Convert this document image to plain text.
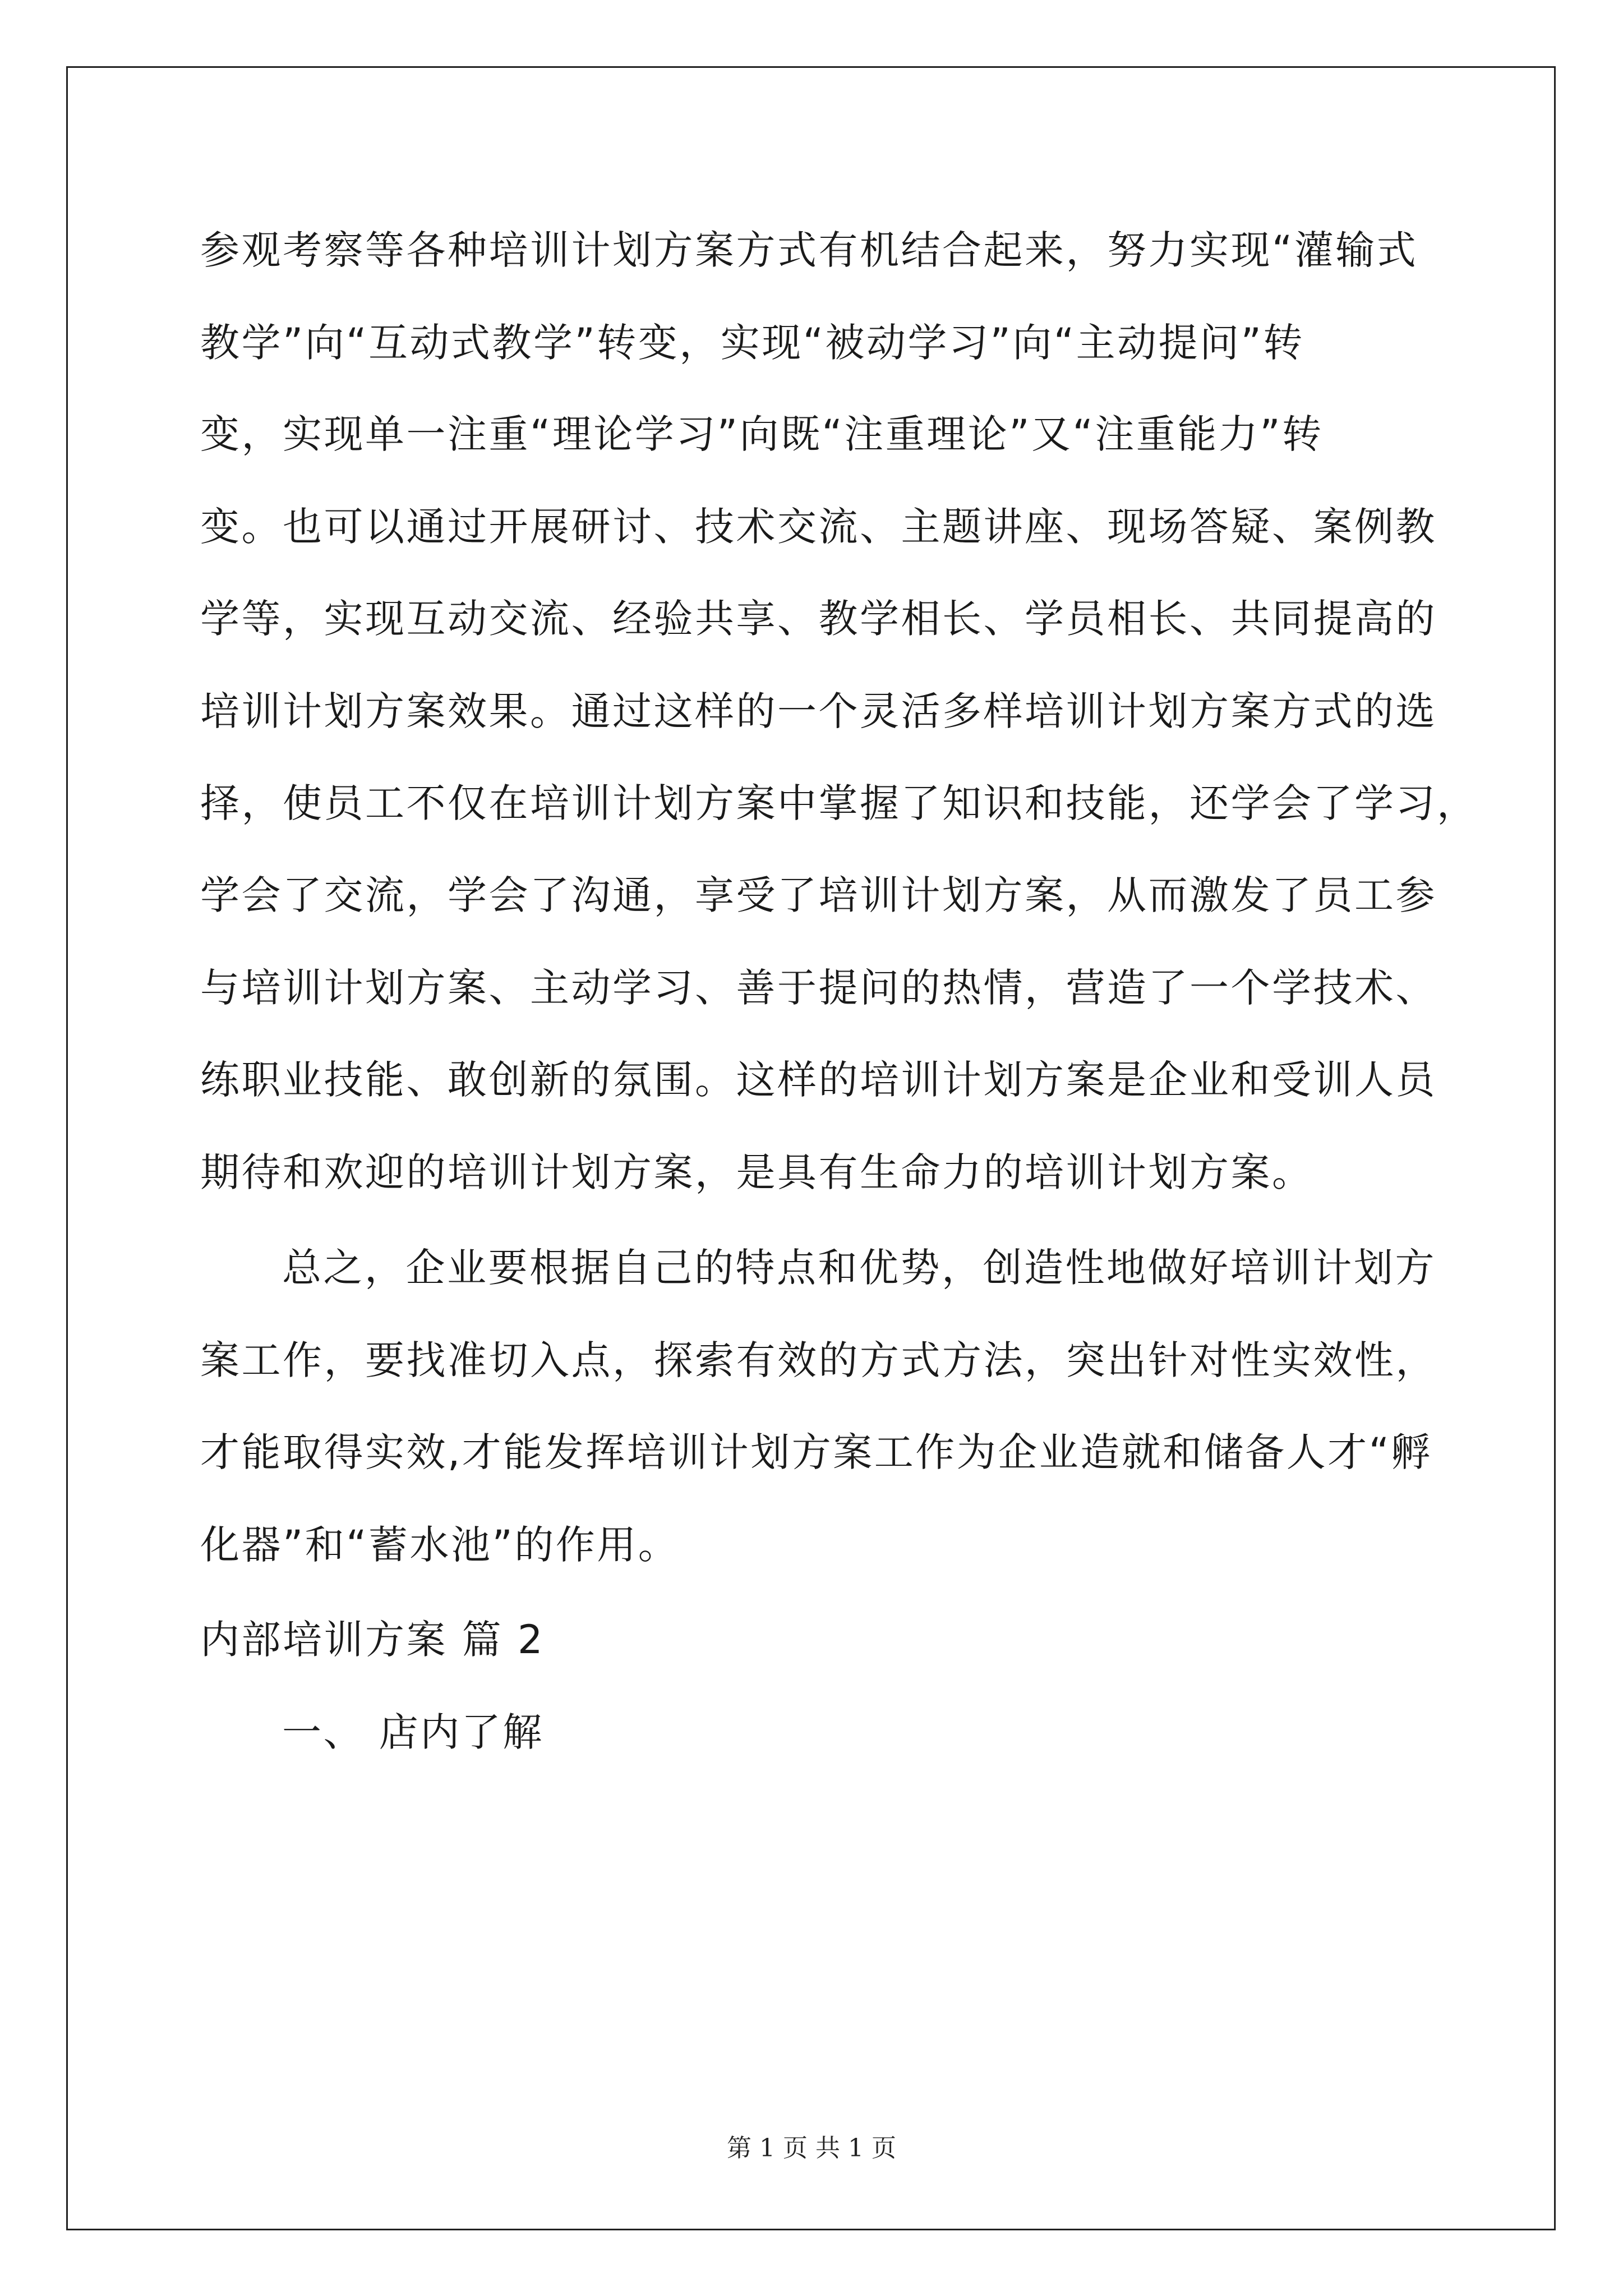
参观考察等各种培训计划方案方式有机结合起来，努力实现“灌输式
教学”向“互动式教学”转变，实现“被动学习”向“主动提问”转
变，实现单一注重“理论学习”向既“注重理论”又“注重能力”转
变。也可以通过开展研讨、技术交流、主题讲座、现场答疑、案例教
学等，实现互动交流、经验共享、教学相长、学员相长、共同提高的
培训计划方案效果。通过这样的一个灵活多样培训计划方案方式的选
择，使员工不仅在培训计划方案中掌握了知识和技能，还学会了学习，
学会了交流，学会了沟通，享受了培训计划方案，从而激发了员工参
与培训计划方案、主动学习、善于提问的热情，营造了一个学技术、
练职业技能、敢创新的氛围。这样的培训计划方案是企业和受训人员
期待和欢迎的培训计划方案，是具有生命力的培训计划方案。
总之，企业要根据自己的特点和优势，创造性地做好培训计划方
案工作，要找准切入点，探索有效的方式方法，突出针对性实效性，
才能取得实效,才能发挥培训计划方案工作为企业造就和储备人才“孵
化器”和“蓄水池”的作用。
内部培训方案 篇 2
一、 店内了解
第 1 页 共 1 页
